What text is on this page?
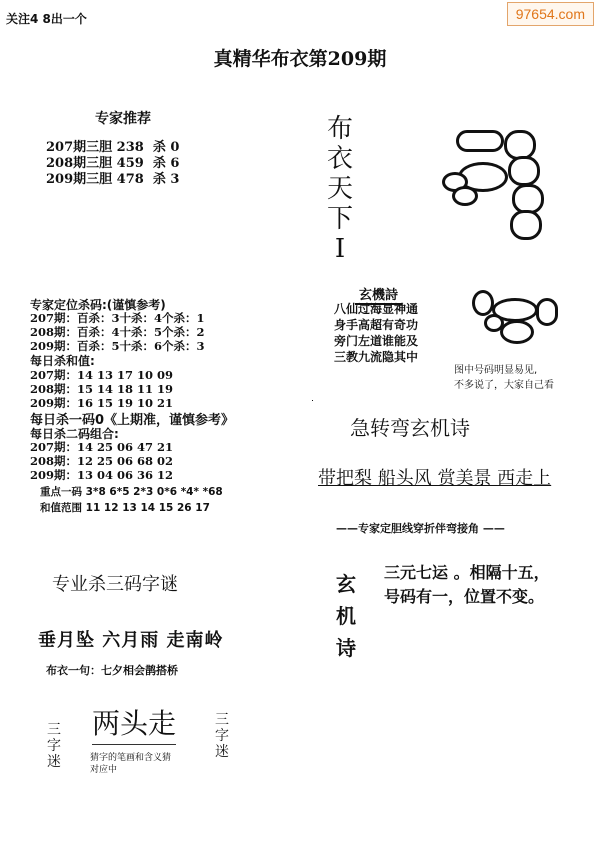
关注4 8出一个	97654.com
真精华布衣第209期
专家推荐
207期三胆 238  杀 0
208期三胆 459  杀 6
209期三胆 478  杀 3
布
衣
天
下
I
玄機詩
八仙过海显神通
身手高超有奇功
旁门左道谁能及
三教九流隐其中
图中号码明显易见,
不多说了，大家自己看
专家定位杀码:(谨慎参考)
207期：百杀：3十杀：4个杀：1
208期：百杀：4十杀：5个杀：2
209期：百杀：5十杀：6个杀：3
每日杀和值:
207期：14 13 17 10 09
208期：15 14 18 11 19
209期：16 15 19 10 21
每日杀一码0《上期准，谨慎参考》
每日杀二码组合:
207期：14 25 06 47 21
208期：12 25 06 68 02
209期：13 04 06 36 12
重点一码 3*8 6*5 2*3 0*6 *4* *68
和值范围 11 12 13 14 15 26 17
急转弯玄机诗
带把梨 船头风 赏美景 西走上
——专家定胆线穿折伴弯接角 ——
玄
机
诗
三元七运 。相隔十五，
号码有一，位置不变。
专业杀三码字谜
垂月坠 六月雨 走南岭
布衣一句：七夕相会鹊搭桥
两头走
三
字
迷
三
字
迷
猜字的笔画和含义猜
对应中
